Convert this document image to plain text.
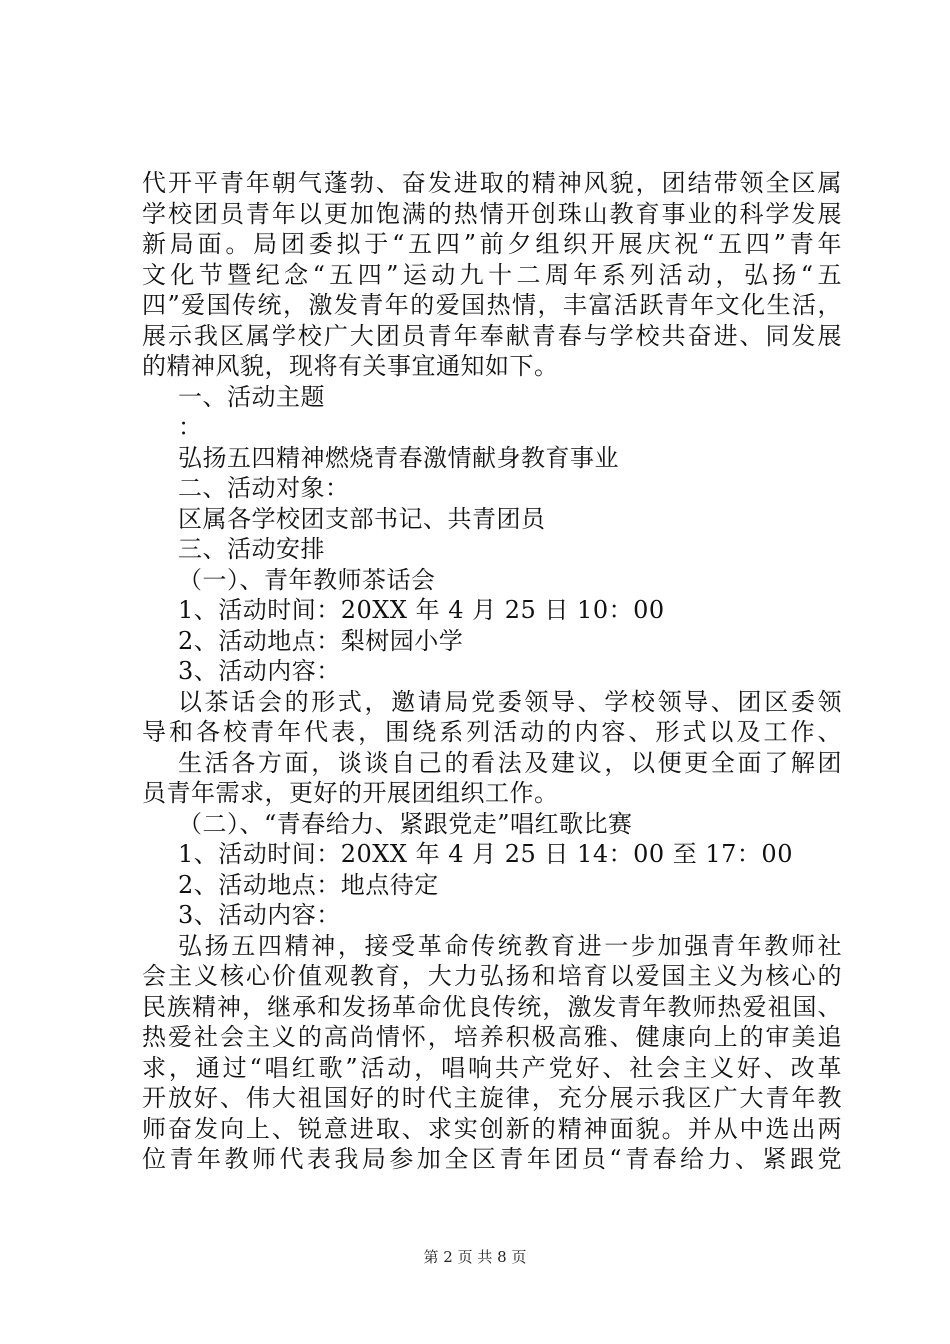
代开平青年朝气蓬勃、奋发进取的精神风貌，团结带领全区属
学校团员青年以更加饱满的热情开创珠山教育事业的科学发展
新局面。局团委拟于“五四”前夕组织开展庆祝“五四”青年
文化节暨纪念“五四”运动九十二周年系列活动，弘扬“五
四”爱国传统，激发青年的爱国热情，丰富活跃青年文化生活，
展示我区属学校广大团员青年奉献青春与学校共奋进、同发展
的精神风貌，现将有关事宜通知如下。
一、活动主题
：
弘扬五四精神燃烧青春激情献身教育事业
二、活动对象：
区属各学校团支部书记、共青团员
三、活动安排
（一）、青年教师茶话会
1、活动时间：20XX 年 4 月 25 日 10：00
2、活动地点：梨树园小学
3、活动内容：
以茶话会的形式，邀请局党委领导、学校领导、团区委领
导和各校青年代表，围绕系列活动的内容、形式以及工作、
生活各方面，谈谈自己的看法及建议，以便更全面了解团
员青年需求，更好的开展团组织工作。
（二）、“青春给力、紧跟党走”唱红歌比赛
1、活动时间：20XX 年 4 月 25 日 14：00 至 17：00
2、活动地点：地点待定
3、活动内容：
弘扬五四精神，接受革命传统教育进一步加强青年教师社
会主义核心价值观教育，大力弘扬和培育以爱国主义为核心的
民族精神，继承和发扬革命优良传统，激发青年教师热爱祖国、
热爱社会主义的高尚情怀，培养积极高雅、健康向上的审美追
求，通过“唱红歌”活动，唱响共产党好、社会主义好、改革
开放好、伟大祖国好的时代主旋律，充分展示我区广大青年教
师奋发向上、锐意进取、求实创新的精神面貌。并从中选出两
位青年教师代表我局参加全区青年团员“青春给力、紧跟党
第 2 页 共 8 页
